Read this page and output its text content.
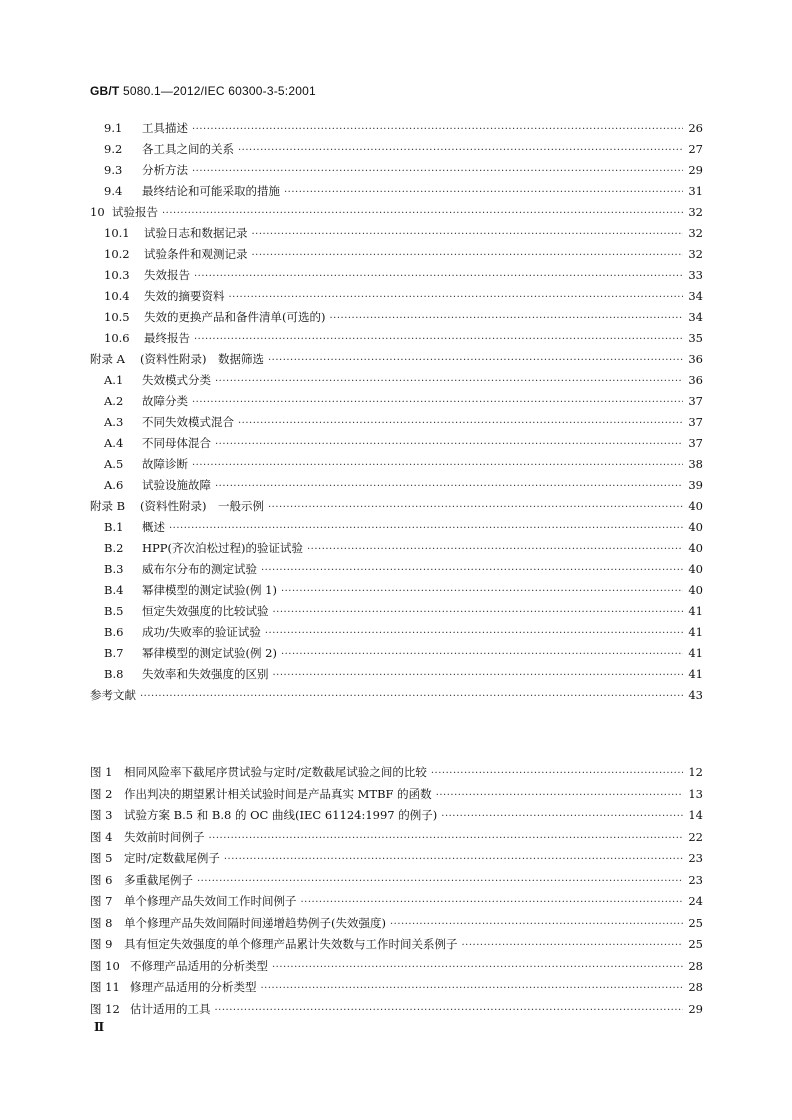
GB/T 5080.1—2012/IEC 60300-3-5:2001
9.1	工具描述 ·····	26
9.2	各工具之间的关系 ·····	27
9.3	分析方法 ·····	29
9.4	最终结论和可能采取的措施 ·····	31
10 试验报告 ·····	32
10.1	试验日志和数据记录 ·····	32
10.2	试验条件和观测记录 ·····	32
10.3	失效报告 ·····	33
10.4	失效的摘要资料 ·····	34
10.5	失效的更换产品和备件清单(可选的) ·····	34
10.6	最终报告 ·····	35
附录 A	(资料性附录)　数据筛选 ·····	36
A.1	失效模式分类 ·····	36
A.2	故障分类 ·····	37
A.3	不同失效模式混合 ·····	37
A.4	不同母体混合 ·····	37
A.5	故障诊断 ·····	38
A.6	试验设施故障 ·····	39
附录 B	(资料性附录)　一般示例 ·····	40
B.1	概述 ·····	40
B.2	HPP(齐次泊松过程)的验证试验 ·····	40
B.3	威布尔分布的测定试验 ·····	40
B.4	幂律模型的测定试验(例 1) ·····	40
B.5	恒定失效强度的比较试验 ·····	41
B.6	成功/失败率的验证试验 ·····	41
B.7	幂律模型的测定试验(例 2) ·····	41
B.8	失效率和失效强度的区别 ·····	41
参考文献 ·····	43
图 1	相同风险率下截尾序贯试验与定时/定数截尾试验之间的比较 ·····	12
图 2	作出判决的期望累计相关试验时间是产品真实 MTBF 的函数 ·····	13
图 3	试验方案 B.5 和 B.8 的 OC 曲线(IEC 61124:1997 的例子) ·····	14
图 4	失效前时间例子 ·····	22
图 5	定时/定数截尾例子 ·····	23
图 6	多重截尾例子 ·····	23
图 7	单个修理产品失效间工作时间例子 ·····	24
图 8	单个修理产品失效间隔时间递增趋势例子(失效强度) ·····	25
图 9	具有恒定失效强度的单个修理产品累计失效数与工作时间关系例子 ·····	25
图 10 不修理产品适用的分析类型 ·····	28
图 11 修理产品适用的分析类型 ·····	28
图 12 估计适用的工具 ·····	29
Ⅱ
